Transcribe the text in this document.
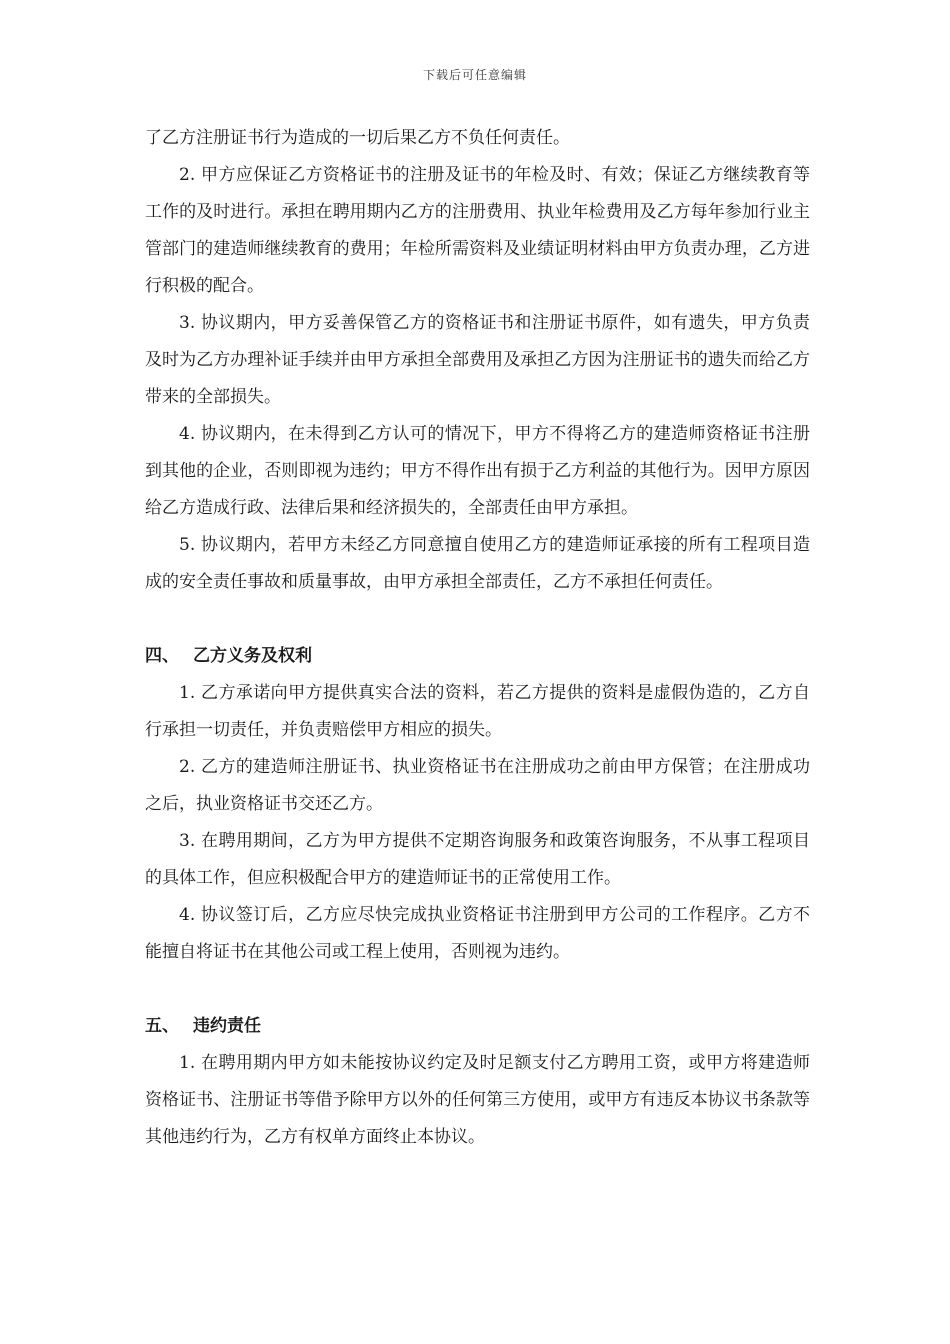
下载后可任意编辑

了乙方注册证书行为造成的一切后果乙方不负任何责任。

2. 甲方应保证乙方资格证书的注册及证书的年检及时、有效；保证乙方继续教育等工作的及时进行。承担在聘用期内乙方的注册费用、执业年检费用及乙方每年参加行业主管部门的建造师继续教育的费用；年检所需资料及业绩证明材料由甲方负责办理，乙方进行积极的配合。

3. 协议期内，甲方妥善保管乙方的资格证书和注册证书原件，如有遗失，甲方负责及时为乙方办理补证手续并由甲方承担全部费用及承担乙方因为注册证书的遗失而给乙方带来的全部损失。

4. 协议期内，在未得到乙方认可的情况下，甲方不得将乙方的建造师资格证书注册到其他的企业，否则即视为违约；甲方不得作出有损于乙方利益的其他行为。因甲方原因给乙方造成行政、法律后果和经济损失的，全部责任由甲方承担。

5. 协议期内，若甲方未经乙方同意擅自使用乙方的建造师证承接的所有工程项目造成的安全责任事故和质量事故，由甲方承担全部责任，乙方不承担任何责任。

四、 乙方义务及权利

1. 乙方承诺向甲方提供真实合法的资料，若乙方提供的资料是虚假伪造的，乙方自行承担一切责任，并负责赔偿甲方相应的损失。

2. 乙方的建造师注册证书、执业资格证书在注册成功之前由甲方保管；在注册成功之后，执业资格证书交还乙方。

3. 在聘用期间，乙方为甲方提供不定期咨询服务和政策咨询服务，不从事工程项目的具体工作，但应积极配合甲方的建造师证书的正常使用工作。

4. 协议签订后，乙方应尽快完成执业资格证书注册到甲方公司的工作程序。乙方不能擅自将证书在其他公司或工程上使用，否则视为违约。

五、 违约责任

1. 在聘用期内甲方如未能按协议约定及时足额支付乙方聘用工资，或甲方将建造师资格证书、注册证书等借予除甲方以外的任何第三方使用，或甲方有违反本协议书条款等其他违约行为，乙方有权单方面终止本协议。
